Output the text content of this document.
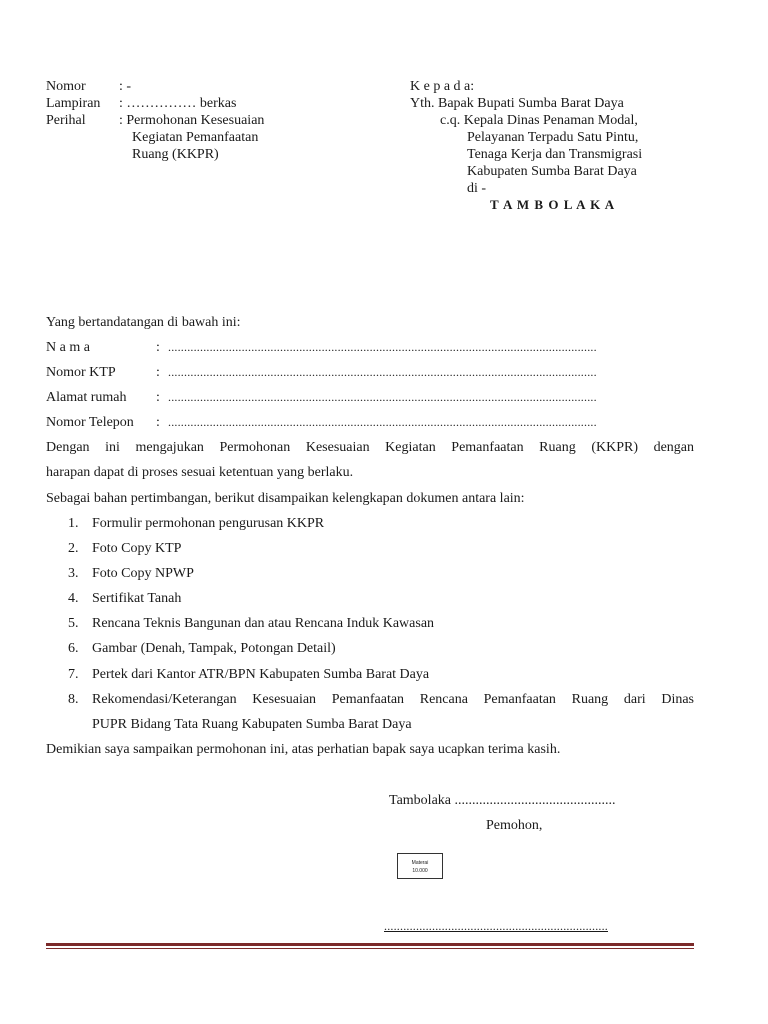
Nomor : -
Lampiran : …………… berkas
Perihal : Permohonan Kesesuaian
Kegiatan Pemanfaatan
Ruang (KKPR)
K e p a d a:
Yth. Bapak Bupati Sumba Barat Daya
c.q. Kepala Dinas Penaman Modal,
Pelayanan Terpadu Satu Pintu,
Tenaga Kerja dan Transmigrasi
Kabupaten Sumba Barat Daya
di -
T A M B O L A K A
Yang bertandatangan di bawah ini:
N a m a	: ......................................................................................................................................
Nomor KTP	: ......................................................................................................................................
Alamat rumah : ......................................................................................................................................
Nomor Telepon : ......................................................................................................................................
Dengan ini mengajukan Permohonan Kesesuaian Kegiatan Pemanfaatan Ruang (KKPR) dengan
harapan dapat di proses sesuai ketentuan yang berlaku.
Sebagai bahan pertimbangan, berikut disampaikan kelengkapan dokumen antara lain:
1. Formulir permohonan pengurusan KKPR
2. Foto Copy KTP
3. Foto Copy NPWP
4. Sertifikat Tanah
5. Rencana Teknis Bangunan dan atau Rencana Induk Kawasan
6. Gambar (Denah, Tampak, Potongan Detail)
7. Pertek dari Kantor ATR/BPN Kabupaten Sumba Barat Daya
8. Rekomendasi/Keterangan Kesesuaian Pemanfaatan Rencana Pemanfaatan Ruang dari Dinas
PUPR Bidang Tata Ruang Kabupaten Sumba Barat Daya
Demikian saya sampaikan permohonan ini, atas perhatian bapak saya ucapkan terima kasih.
Tambolaka ..............................................
Pemohon,
Materai
10.000
......................................................................
